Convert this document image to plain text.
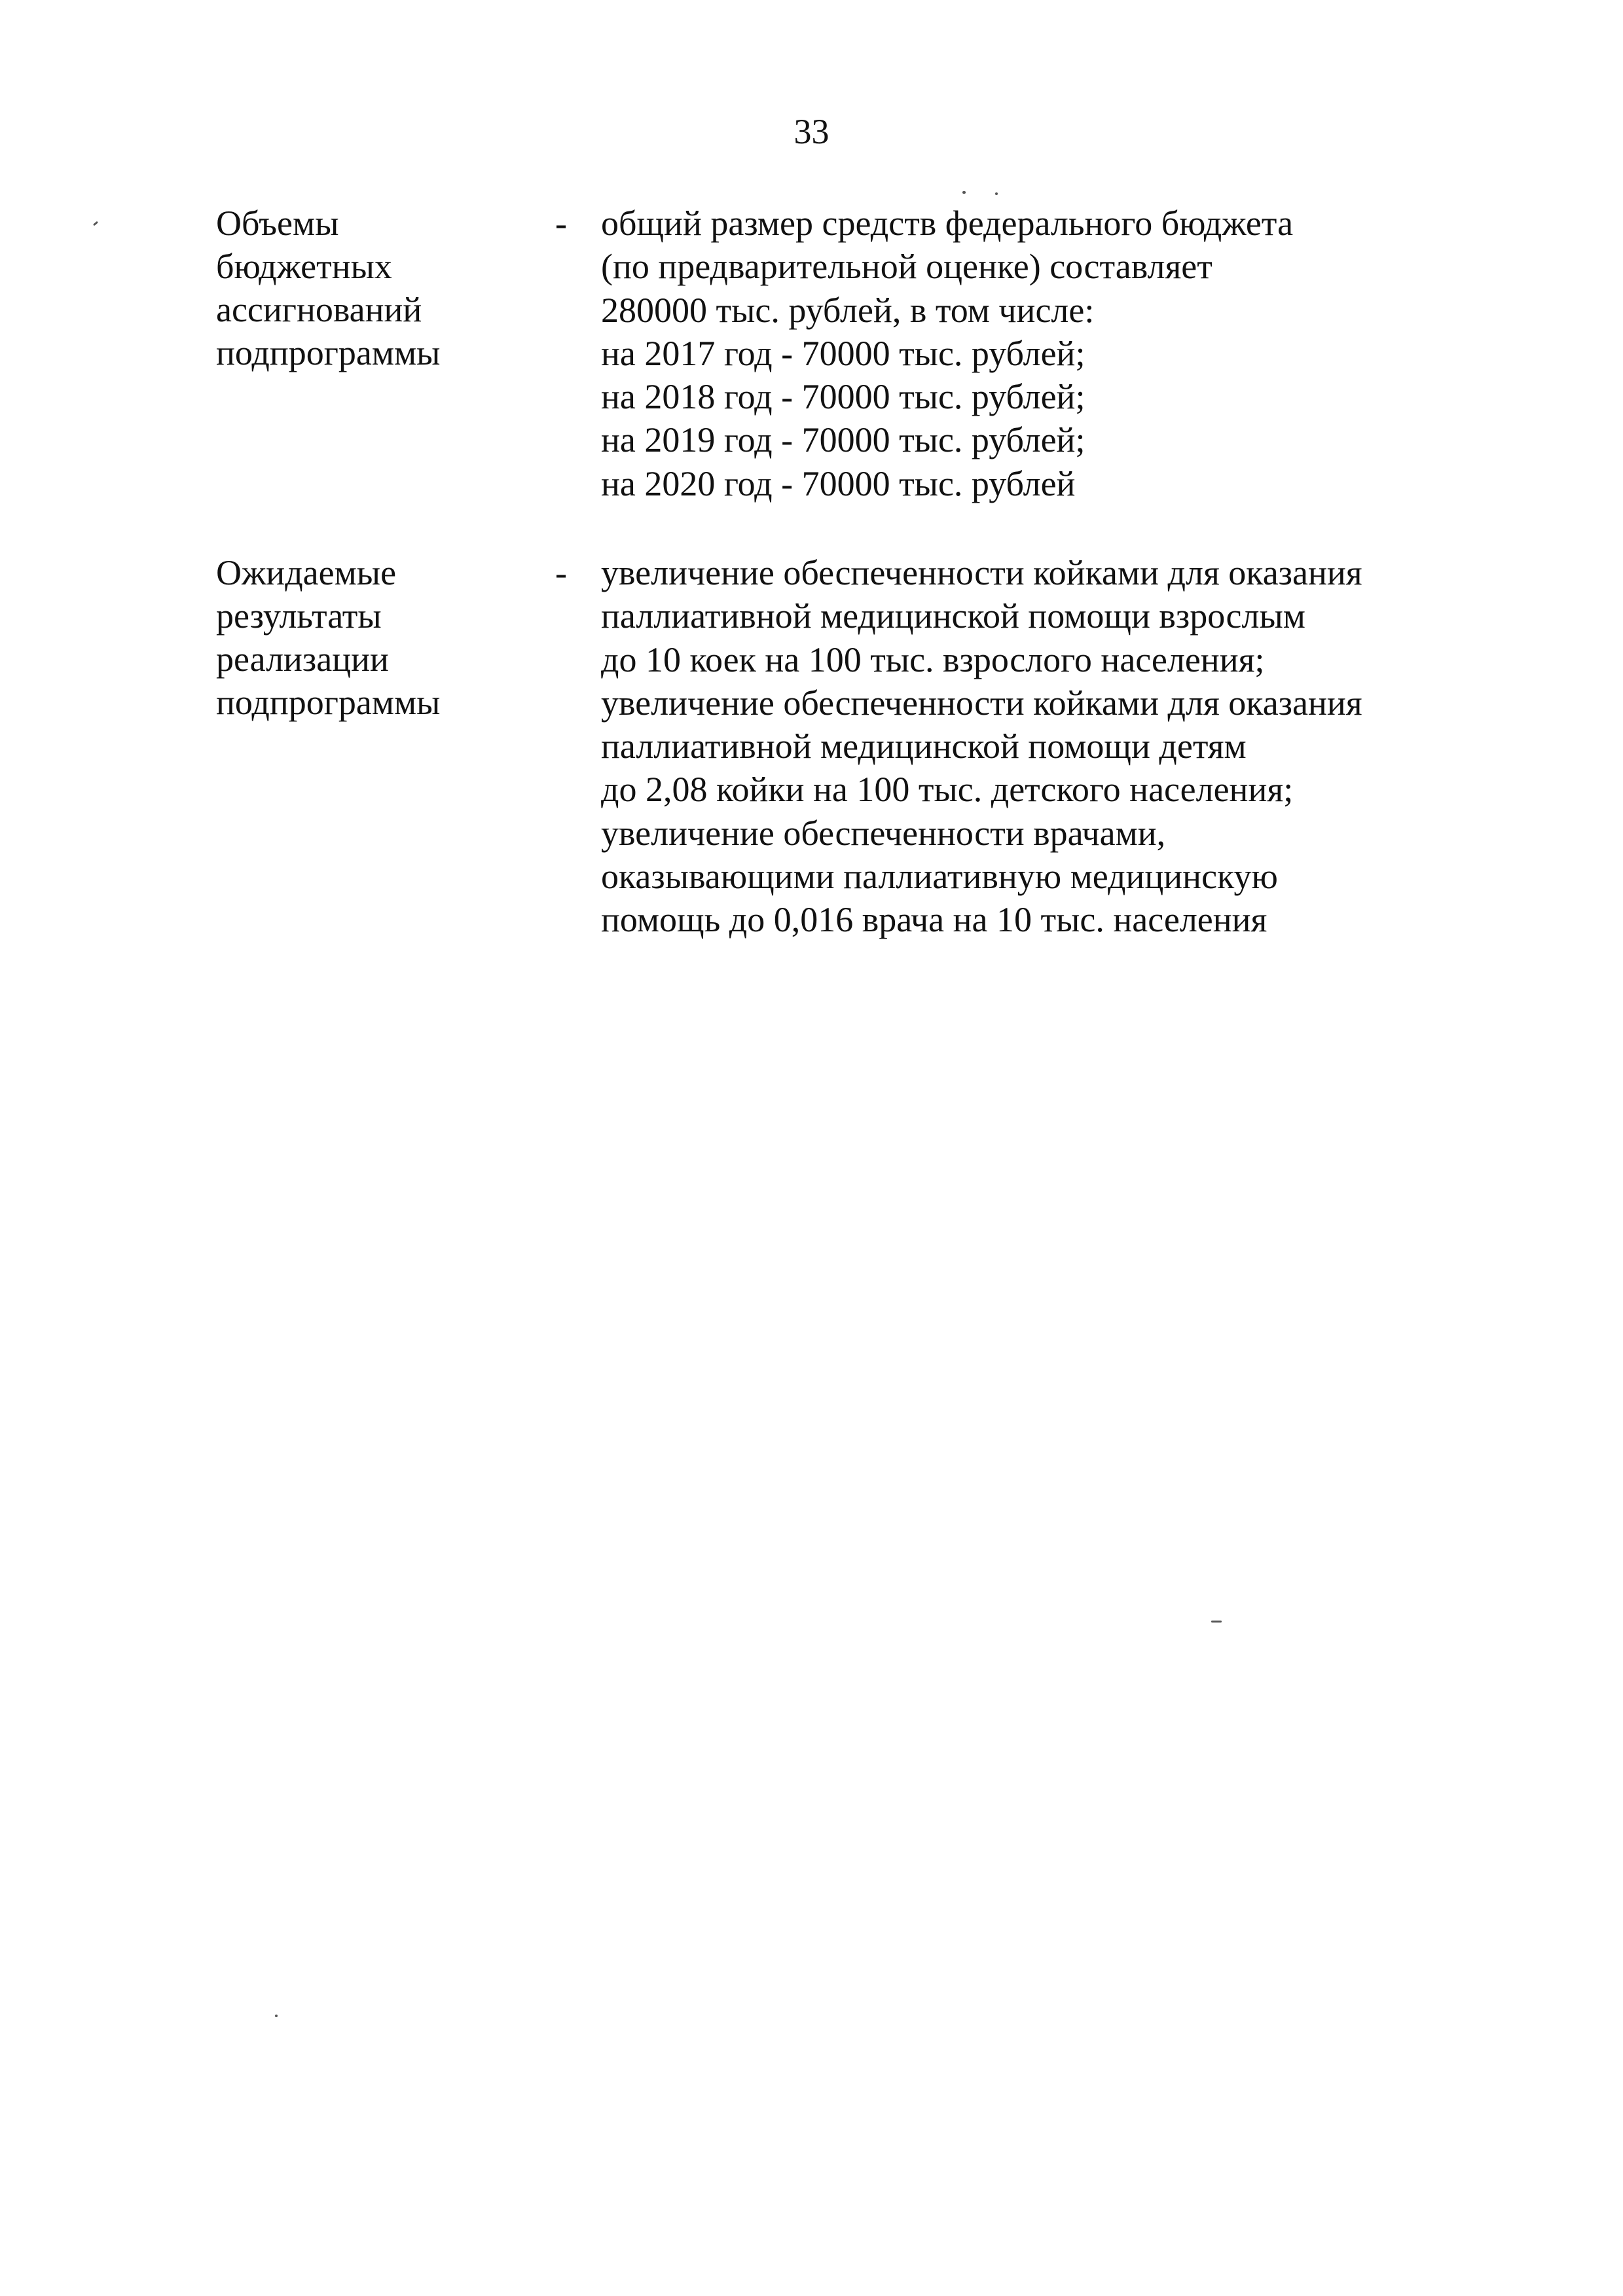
33
Объемы
бюджетных
ассигнований
подпрограммы
- общий размер средств федерального бюджета
(по предварительной оценке) составляет
280000 тыс. рублей, в том числе:
на 2017 год - 70000 тыс. рублей;
на 2018 год - 70000 тыс. рублей;
на 2019 год - 70000 тыс. рублей;
на 2020 год - 70000 тыс. рублей
Ожидаемые
результаты
реализации
подпрограммы
- увеличение обеспеченности койками для оказания
паллиативной медицинской помощи взрослым
до 10 коек на 100 тыс. взрослого населения;
увеличение обеспеченности койками для оказания
паллиативной медицинской помощи детям
до 2,08 койки на 100 тыс. детского населения;
увеличение обеспеченности врачами,
оказывающими паллиативную медицинскую
помощь до 0,016 врача на 10 тыс. населения
